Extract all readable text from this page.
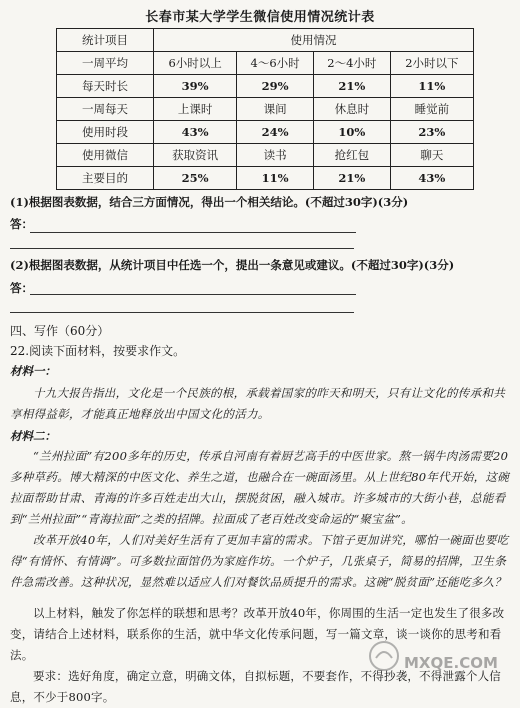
长春市某大学学生微信使用情况统计表
统计项目	使用情况			
一周平均	6小时以上	4～6小时	2～4小时	2小时以下
每天时长	39%	29%	21%	11%
一周每天	上课时	课间	休息时	睡觉前
使用时段	43%	24%	10%	23%
使用微信	获取资讯	读书	抢红包	聊天
主要目的	25%	11%	21%	43%
(1)根据图表数据，结合三方面情况，得出一个相关结论。(不超过30字)(3分)
答：
(2)根据图表数据，从统计项目中任选一个，提出一条意见或建议。(不超过30字)(3分)
答：
四、写作（60分）
22.阅读下面材料，按要求作文。
材料一：

十九大报告指出，文化是一个民族的根，承载着国家的昨天和明天，只有让文化的传承和共享相得益彰，才能真正地释放出中国文化的活力。

材料二：

“兰州拉面”有200多年的历史，传承自河南有着厨艺高手的中医世家。熬一锅牛肉汤需要20多种草药。博大精深的中医文化、养生之道，也融合在一碗面汤里。从上世纪80年代开始，这碗拉面帮助甘肃、青海的许多百姓走出大山，摆脱贫困，融入城市。许多城市的大街小巷，总能看到“兰州拉面”“青海拉面”之类的招牌。拉面成了老百姓改变命运的“聚宝盆”。

改革开放40年，人们对美好生活有了更加丰富的需求。下馆子更加讲究，哪怕一碗面也要吃得“有情怀、有情调”。可多数拉面馆仍为家庭作坊。一个炉子，几张桌子，简易的招牌，卫生条件急需改善。这种状况，显然难以适应人们对餐饮品质提升的需求。这碗“脱贫面”还能吃多久？

以上材料，触发了你怎样的联想和思考？改革开放40年，你周围的生活一定也发生了很多改变，请结合上述材料，联系你的生活，就中华文化传承问题，写一篇文章，谈一谈你的思考和看法。

要求：选好角度，确定立意，明确文体，自拟标题，不要套作，不得抄袭，不得泄露个人信息，不少于800字。

MXQE.COM
